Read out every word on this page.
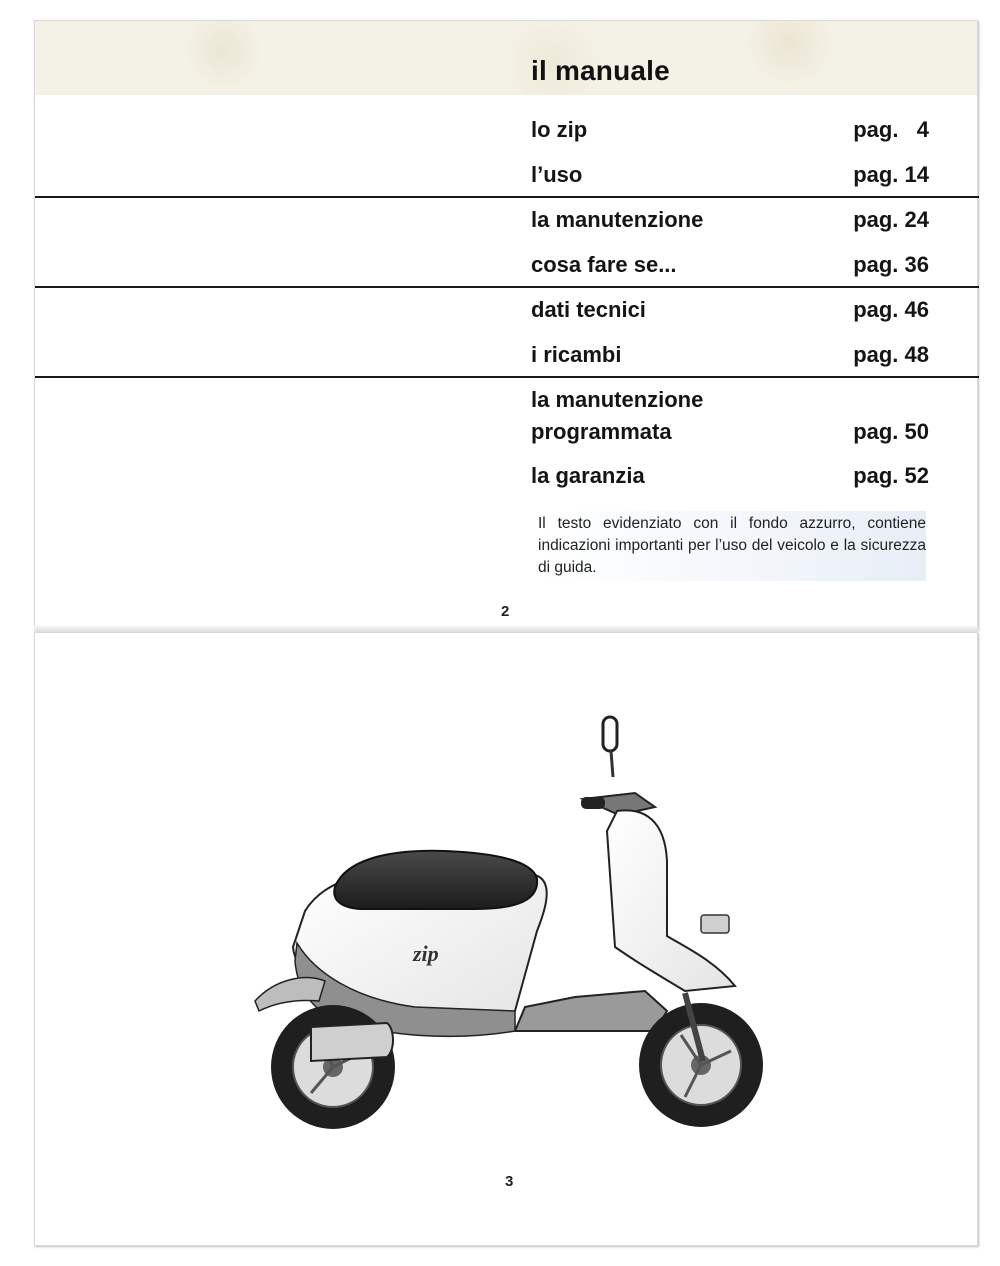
il manuale
lo zip	pag.   4
l’uso	pag. 14
la manutenzione	pag. 24
cosa fare se...	pag. 36
dati tecnici	pag. 46
i ricambi	pag. 48
la manutenzione
programmata	pag. 50
la garanzia	pag. 52
Il testo evidenziato con il fondo azzurro, contiene indicazioni importanti per l’uso del veicolo e la sicurezza di guida.
2
zip
3
